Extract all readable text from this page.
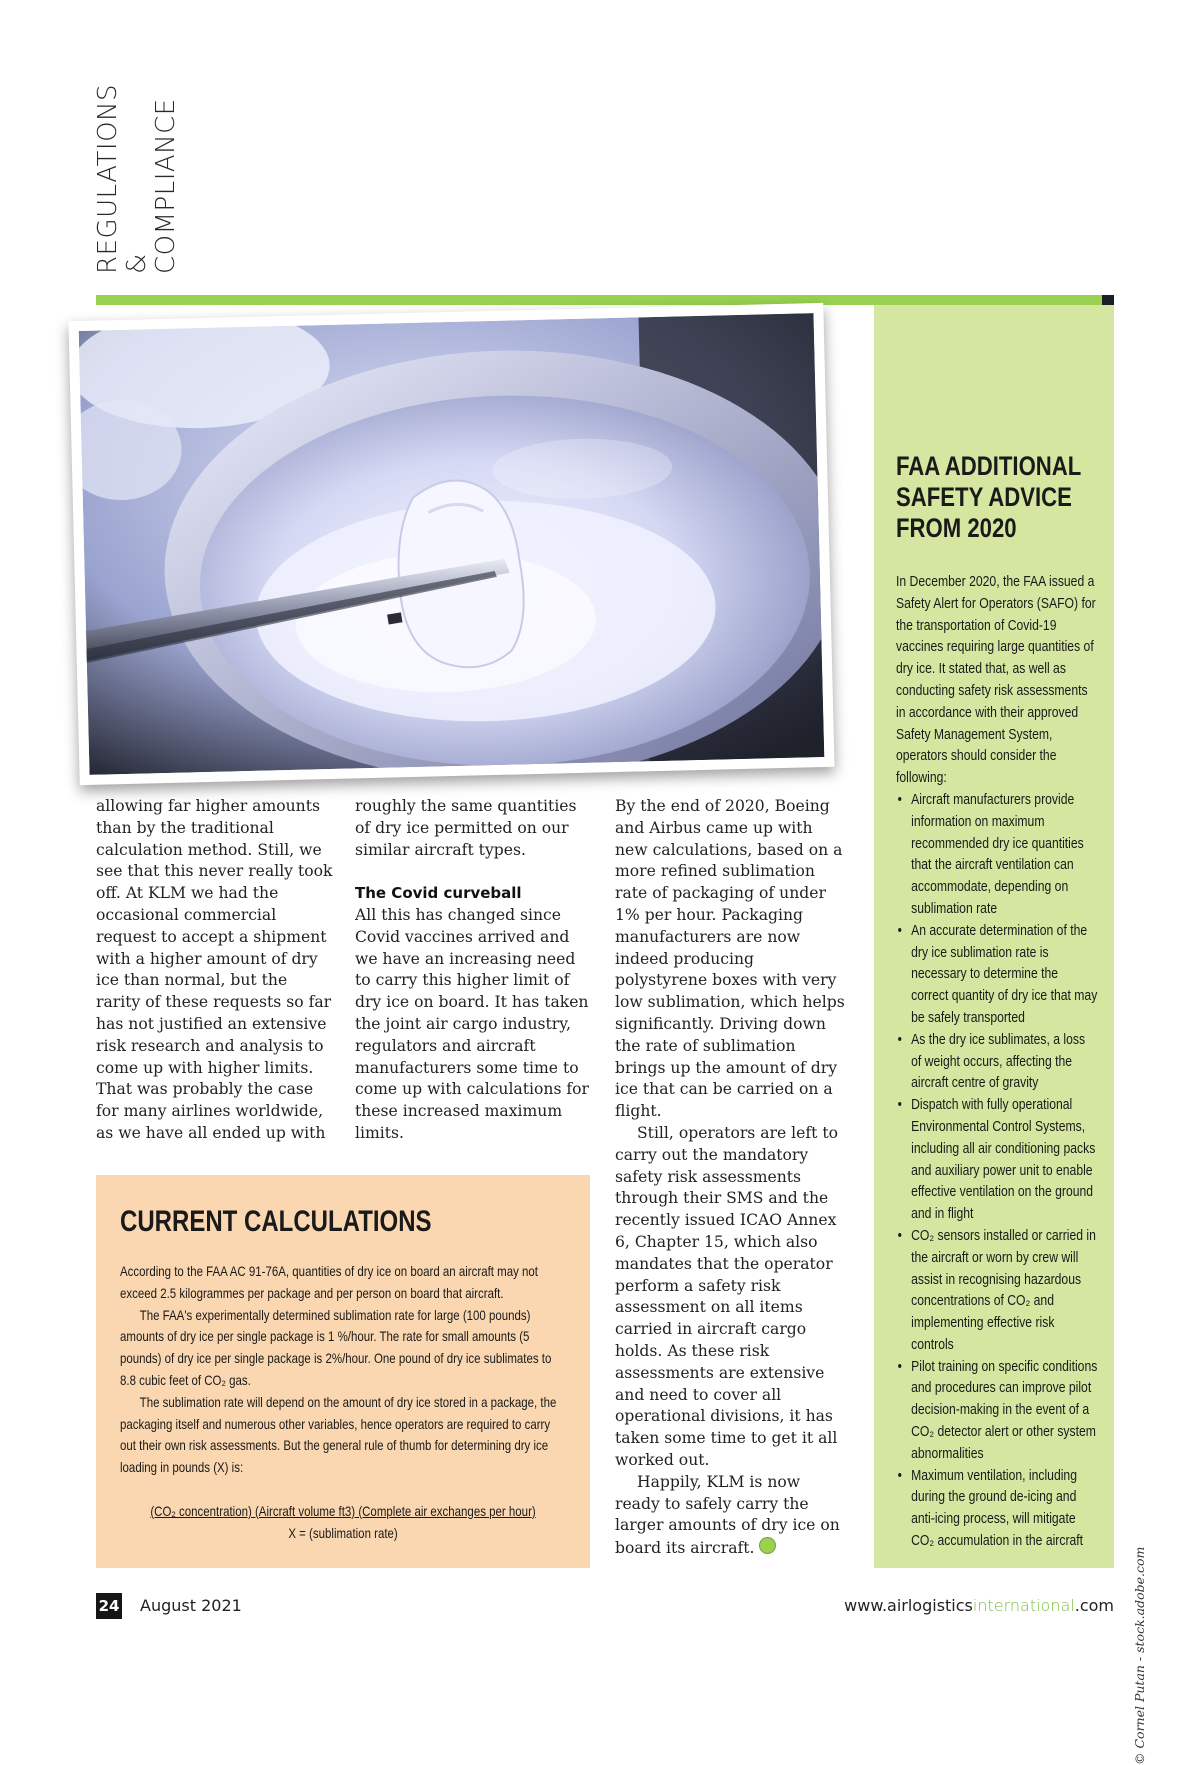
REGULATIONS & COMPLIANCE
FAA ADDITIONAL
SAFETY ADVICE
FROM 2020

In December 2020, the FAA issued a Safety Alert for Operators (SAFO) for the transportation of Covid-19 vaccines requiring large quantities of dry ice. It stated that, as well as conducting safety risk assessments in accordance with their approved Safety Management System, operators should consider the following:

• Aircraft manufacturers provide information on maximum recommended dry ice quantities that the aircraft ventilation can accommodate, depending on sublimation rate
• An accurate determination of the dry ice sublimation rate is necessary to determine the correct quantity of dry ice that may be safely transported
• As the dry ice sublimates, a loss of weight occurs, affecting the aircraft centre of gravity
• Dispatch with fully operational Environmental Control Systems, including all air conditioning packs and auxiliary power unit to enable effective ventilation on the ground and in flight
• CO₂ sensors installed or carried in the aircraft or worn by crew will assist in recognising hazardous concentrations of CO₂ and implementing effective risk controls
• Pilot training on specific conditions and procedures can improve pilot decision-making in the event of a CO₂ detector alert or other system abnormalities
• Maximum ventilation, including during the ground de-icing and anti-icing process, will mitigate CO₂ accumulation in the aircraft

allowing far higher amounts than by the traditional calculation method. Still, we see that this never really took off. At KLM we had the occasional commercial request to accept a shipment with a higher amount of dry ice than normal, but the rarity of these requests so far has not justified an extensive risk research and analysis to come up with higher limits. That was probably the case for many airlines worldwide, as we have all ended up with

roughly the same quantities of dry ice permitted on our similar aircraft types.

The Covid curveball

All this has changed since Covid vaccines arrived and we have an increasing need to carry this higher limit of dry ice on board. It has taken the joint air cargo industry, regulators and aircraft manufacturers some time to come up with calculations for these increased maximum limits.

By the end of 2020, Boeing and Airbus came up with new calculations, based on a more refined sublimation rate of packaging of under 1% per hour. Packaging manufacturers are now indeed producing polystyrene boxes with very low sublimation, which helps significantly. Driving down the rate of sublimation brings up the amount of dry ice that can be carried on a flight.

Still, operators are left to carry out the mandatory safety risk assessments through their SMS and the recently issued ICAO Annex 6, Chapter 15, which also mandates that the operator perform a safety risk assessment on all items carried in aircraft cargo holds. As these risk assessments are extensive and need to cover all operational divisions, it has taken some time to get it all worked out.

Happily, KLM is now ready to safely carry the larger amounts of dry ice on board its aircraft.

CURRENT CALCULATIONS

According to the FAA AC 91-76A, quantities of dry ice on board an aircraft may not exceed 2.5 kilogrammes per package and per person on board that aircraft.

The FAA's experimentally determined sublimation rate for large (100 pounds) amounts of dry ice per single package is 1 %/hour. The rate for small amounts (5 pounds) of dry ice per single package is 2%/hour. One pound of dry ice sublimates to 8.8 cubic feet of CO₂ gas.

The sublimation rate will depend on the amount of dry ice stored in a package, the packaging itself and numerous other variables, hence operators are required to carry out their own risk assessments. But the general rule of thumb for determining dry ice loading in pounds (X) is:

(CO₂ concentration) (Aircraft volume ft3) (Complete air exchanges per hour)
X = (sublimation rate)
© Cornel Putan - stock.adobe.com
24 August 2021	www.airlogisticsinternational.com
